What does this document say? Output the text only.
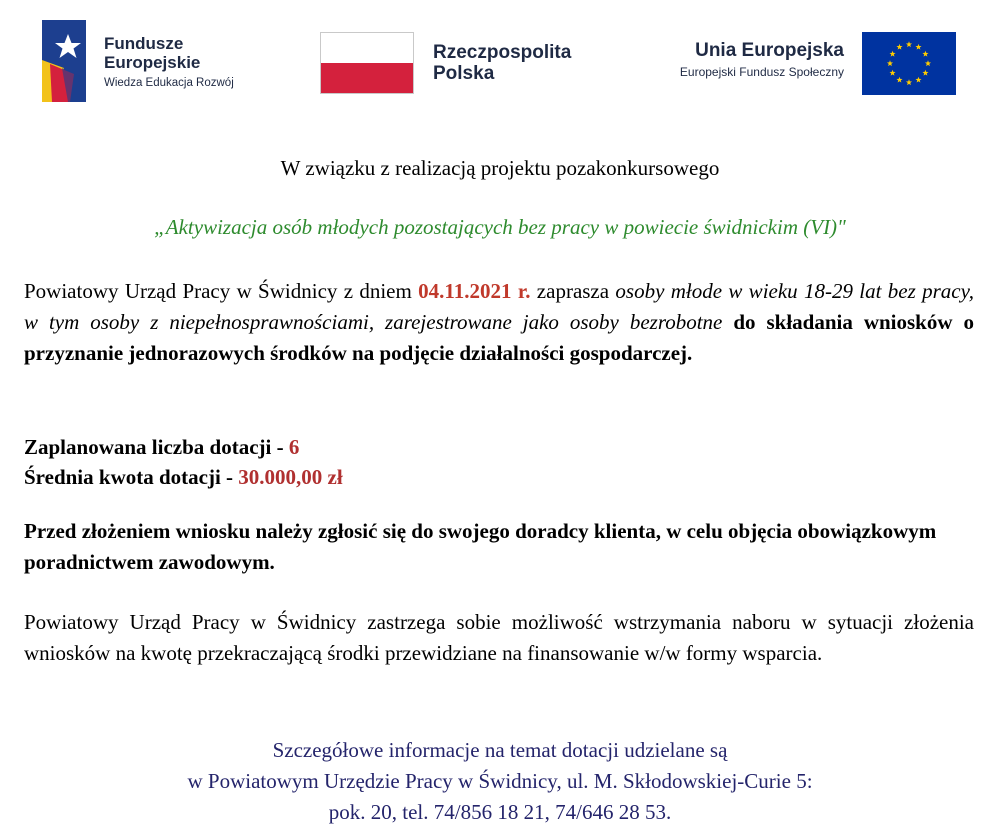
Fundusze
Europejskie
Wiedza Edukacja Rozwój
Rzeczpospolita
Polska
Unia Europejska
Europejski Fundusz Społeczny
W związku z realizacją projektu pozakonkursowego
„Aktywizacja osób młodych pozostających bez pracy w powiecie świdnickim (VI)"
Powiatowy Urząd Pracy w Świdnicy z dniem 04.11.2021 r. zaprasza osoby młode w wieku 18-29 lat bez pracy, w tym osoby z niepełnosprawnościami, zarejestrowane jako osoby bezrobotne do składania wniosków o przyznanie jednorazowych środków na podjęcie działalności gospodarczej.
Zaplanowana liczba dotacji - 6
Średnia kwota dotacji - 30.000,00 zł
Przed złożeniem wniosku należy zgłosić się do swojego doradcy klienta, w celu objęcia obowiązkowym poradnictwem zawodowym.
Powiatowy Urząd Pracy w Świdnicy zastrzega sobie możliwość wstrzymania naboru w sytuacji złożenia wniosków na kwotę przekraczającą środki przewidziane na finansowanie w/w formy wsparcia.
Szczegółowe informacje na temat dotacji udzielane są
w Powiatowym Urzędzie Pracy w Świdnicy, ul. M. Skłodowskiej-Curie 5:
pok. 20, tel. 74/856 18 21, 74/646 28 53.
